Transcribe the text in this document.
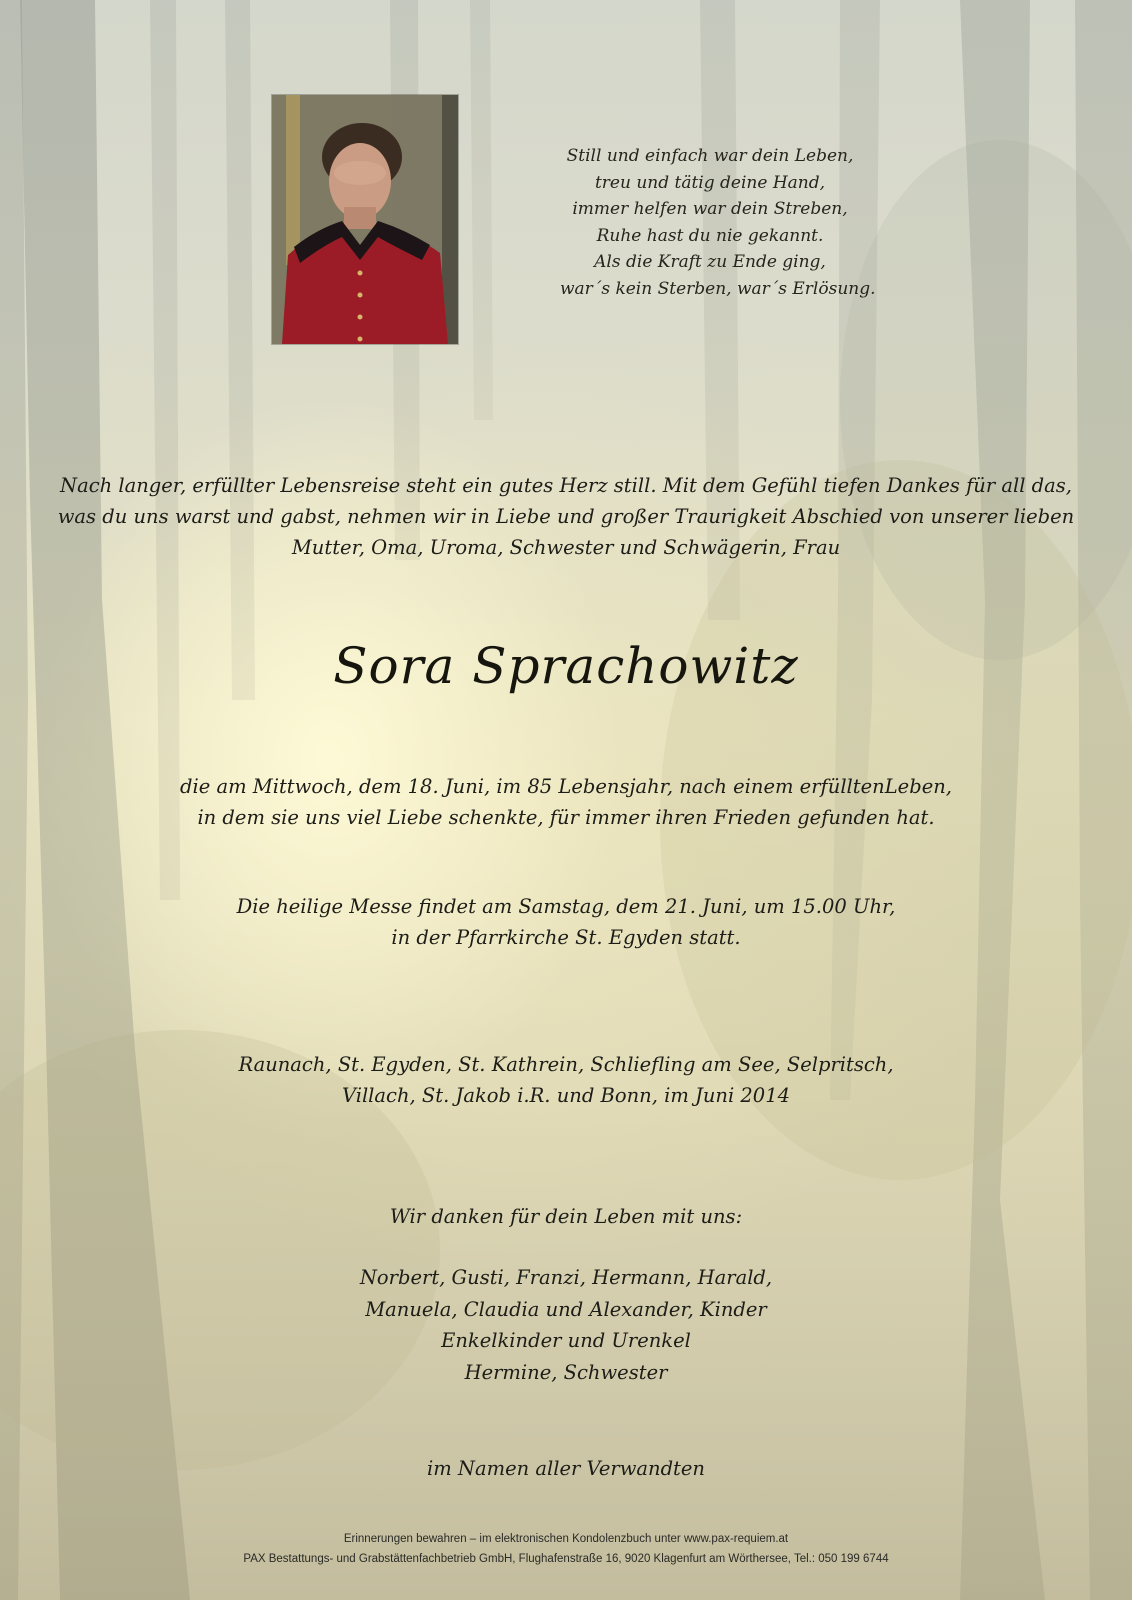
Still und einfach war dein Leben,
treu und tätig deine Hand,
immer helfen war dein Streben,
Ruhe hast du nie gekannt.
Als die Kraft zu Ende ging,
war´s kein Sterben, war´s Erlösung.
Nach langer, erfüllter Lebensreise steht ein gutes Herz still. Mit dem Gefühl tiefen Dankes für all das,
was du uns warst und gabst, nehmen wir in Liebe und großer Traurigkeit Abschied von unserer lieben
Mutter, Oma, Uroma, Schwester und Schwägerin, Frau
Sora Sprachowitz
die am Mittwoch, dem 18. Juni, im 85 Lebensjahr, nach einem erfülltenLeben,
in dem sie uns viel Liebe schenkte, für immer ihren Frieden gefunden hat.
Die heilige Messe findet am Samstag, dem 21. Juni, um 15.00 Uhr,
in der Pfarrkirche St. Egyden statt.
Raunach, St. Egyden, St. Kathrein, Schliefling am See, Selpritsch,
Villach, St. Jakob i.R. und Bonn, im Juni 2014
Wir danken für dein Leben mit uns:
Norbert, Gusti, Franzi, Hermann, Harald,
Manuela, Claudia und Alexander, Kinder
Enkelkinder und Urenkel
Hermine, Schwester
im Namen aller Verwandten
Erinnerungen bewahren – im elektronischen Kondolenzbuch unter www.pax-requiem.at
PAX Bestattungs- und Grabstättenfachbetrieb GmbH, Flughafenstraße 16, 9020 Klagenfurt am Wörthersee, Tel.: 050 199 6744
